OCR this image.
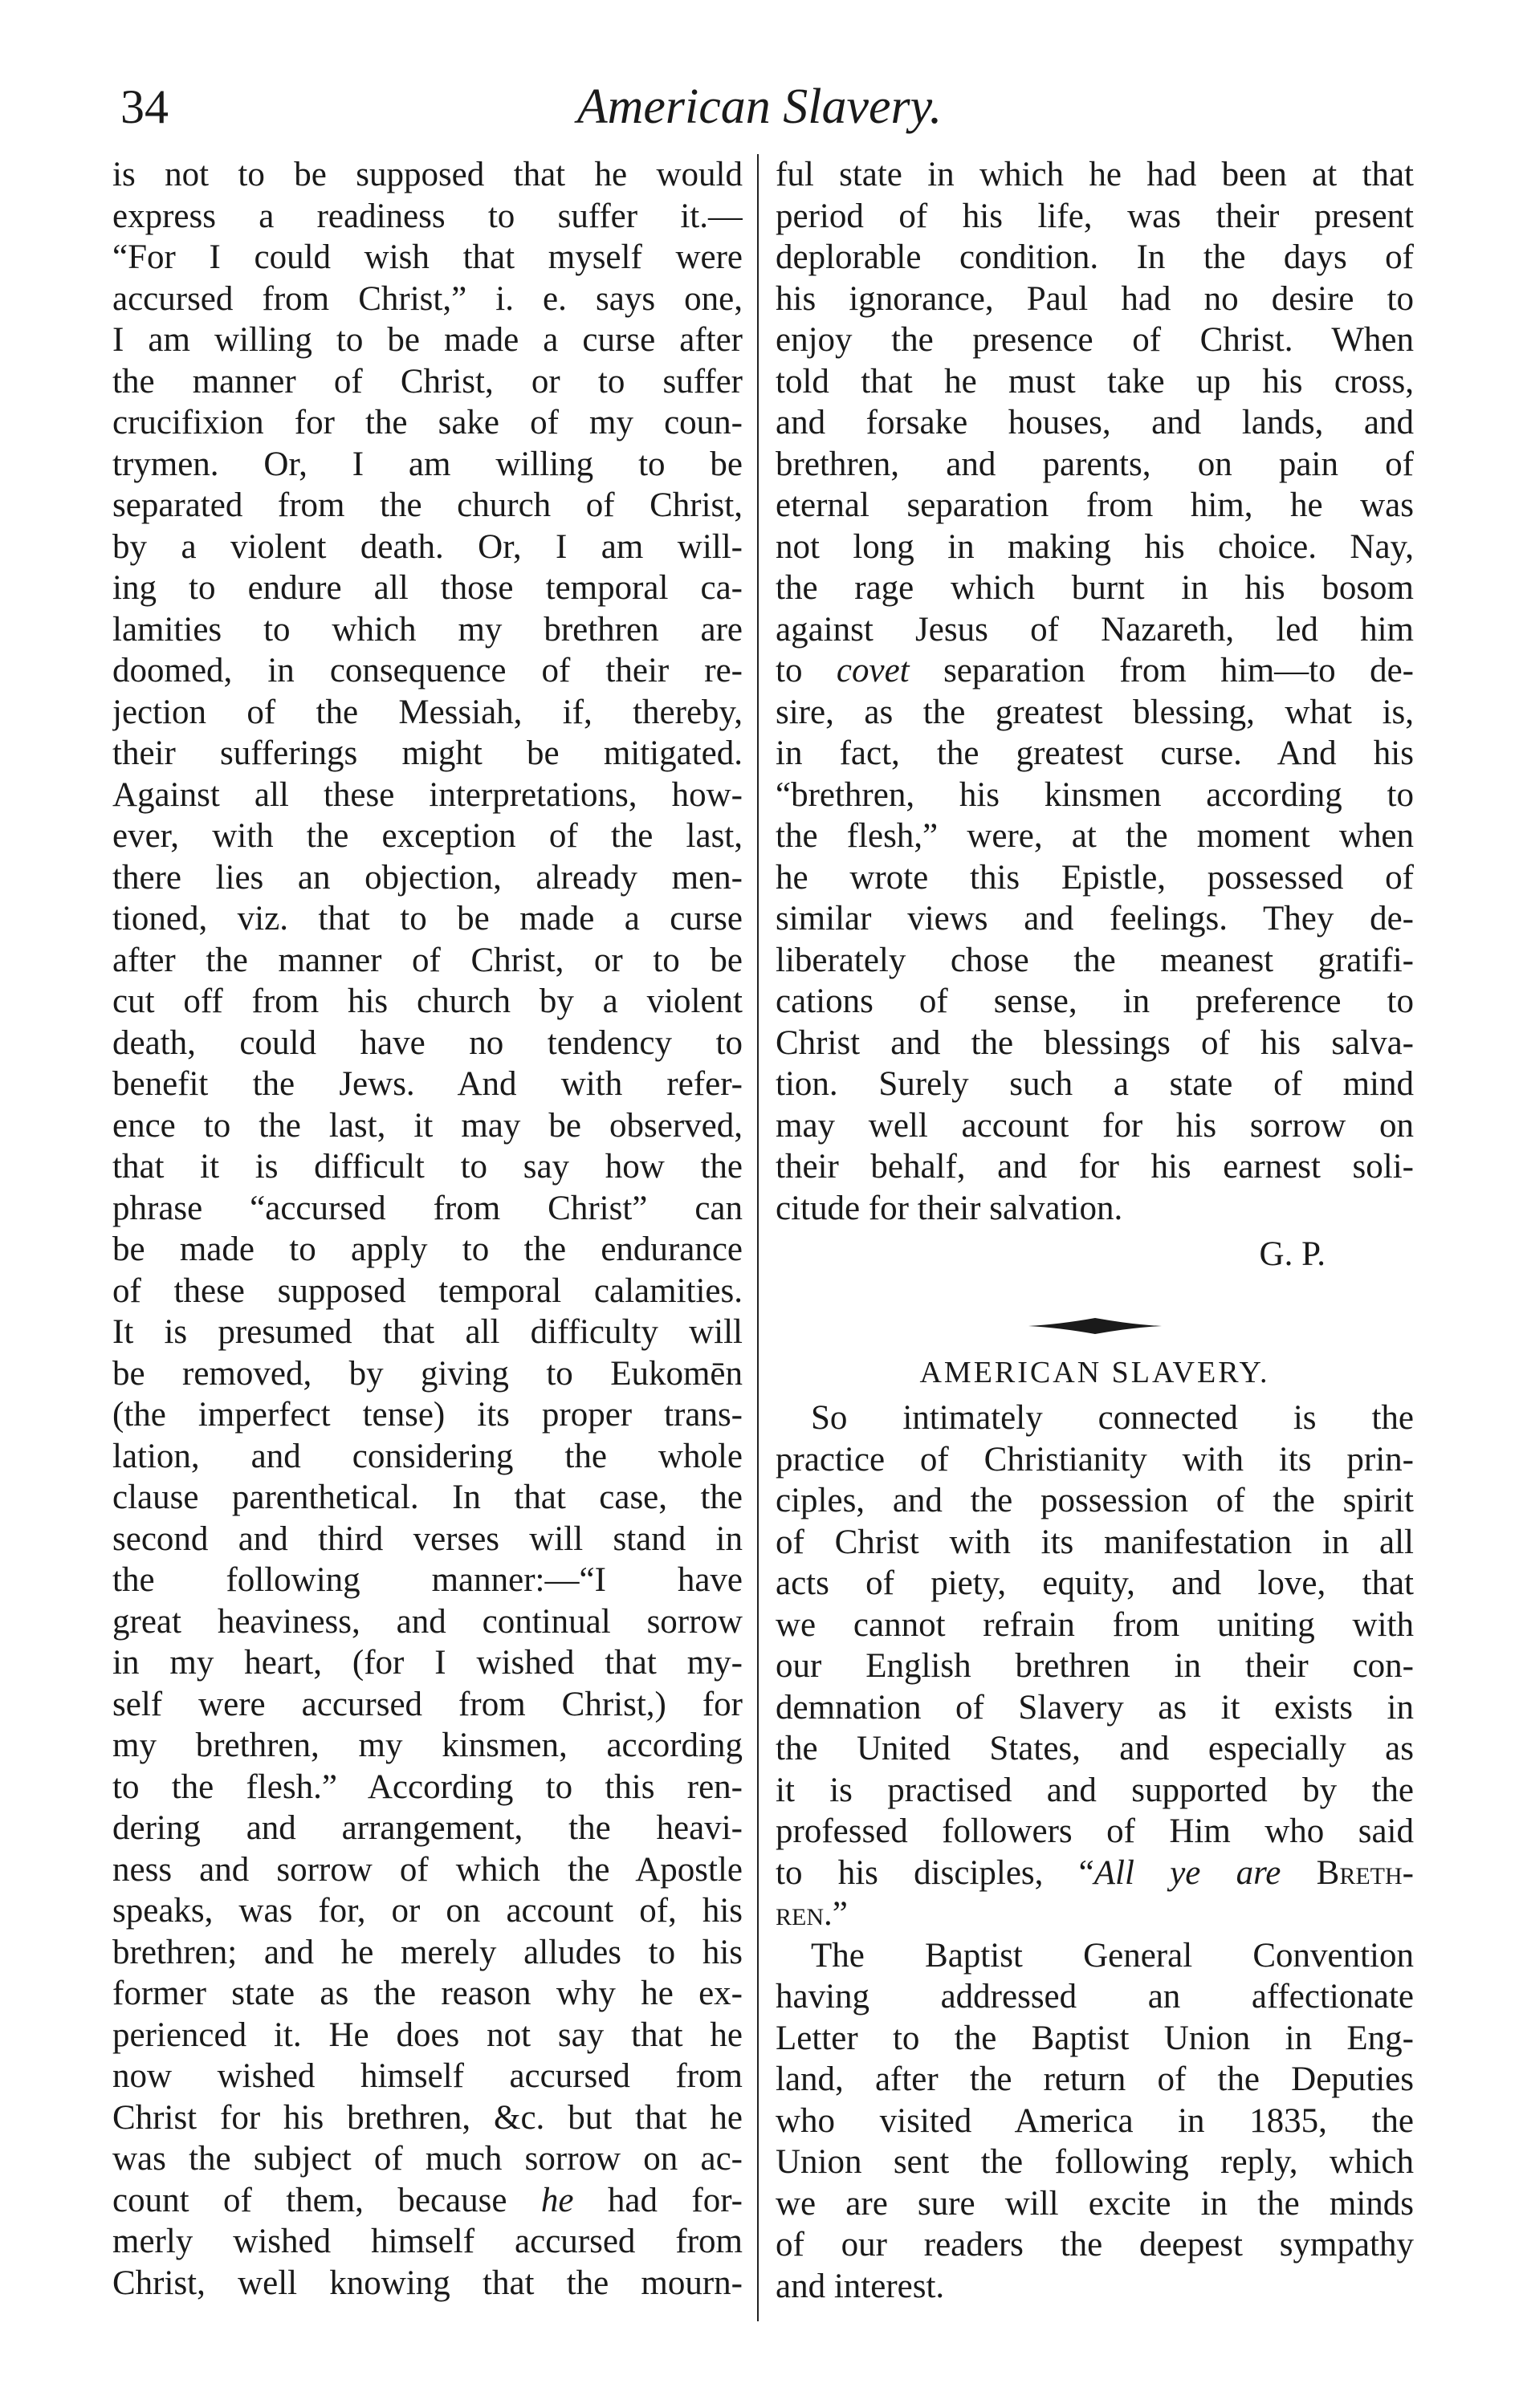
34	American Slavery.
is not to be supposed that he would
express a readiness to suffer it.—
“For I could wish that myself were
accursed from Christ,” i. e. says one,
I am willing to be made a curse after
the manner of Christ, or to suffer
crucifixion for the sake of my coun-
trymen. Or, I am willing to be
separated from the church of Christ,
by a violent death. Or, I am will-
ing to endure all those temporal ca-
lamities to which my brethren are
doomed, in consequence of their re-
jection of the Messiah, if, thereby,
their sufferings might be mitigated.
Against all these interpretations, how-
ever, with the exception of the last,
there lies an objection, already men-
tioned, viz. that to be made a curse
after the manner of Christ, or to be
cut off from his church by a violent
death, could have no tendency to
benefit the Jews. And with refer-
ence to the last, it may be observed,
that it is difficult to say how the
phrase “accursed from Christ” can
be made to apply to the endurance
of these supposed temporal calamities.
It is presumed that all difficulty will
be removed, by giving to Eukomēn
(the imperfect tense) its proper trans-
lation, and considering the whole
clause parenthetical. In that case, the
second and third verses will stand in
the following manner:—“I have
great heaviness, and continual sorrow
in my heart, (for I wished that my-
self were accursed from Christ,) for
my brethren, my kinsmen, according
to the flesh.” According to this ren-
dering and arrangement, the heavi-
ness and sorrow of which the Apostle
speaks, was for, or on account of, his
brethren; and he merely alludes to his
former state as the reason why he ex-
perienced it. He does not say that he
now wished himself accursed from
Christ for his brethren, &c. but that he
was the subject of much sorrow on ac-
count of them, because he had for-
merly wished himself accursed from
Christ, well knowing that the mourn-
ful state in which he had been at that
period of his life, was their present
deplorable condition. In the days of
his ignorance, Paul had no desire to
enjoy the presence of Christ. When
told that he must take up his cross,
and forsake houses, and lands, and
brethren, and parents, on pain of
eternal separation from him, he was
not long in making his choice. Nay,
the rage which burnt in his bosom
against Jesus of Nazareth, led him
to covet separation from him—to de-
sire, as the greatest blessing, what is,
in fact, the greatest curse. And his
“brethren, his kinsmen according to
the flesh,” were, at the moment when
he wrote this Epistle, possessed of
similar views and feelings. They de-
liberately chose the meanest gratifi-
cations of sense, in preference to
Christ and the blessings of his salva-
tion. Surely such a state of mind
may well account for his sorrow on
their behalf, and for his earnest soli-
citude for their salvation.
G. P.
AMERICAN SLAVERY.
So intimately connected is the
practice of Christianity with its prin-
ciples, and the possession of the spirit
of Christ with its manifestation in all
acts of piety, equity, and love, that
we cannot refrain from uniting with
our English brethren in their con-
demnation of Slavery as it exists in
the United States, and especially as
it is practised and supported by the
professed followers of Him who said
to his disciples, “All ye are Breth-
ren.”
The Baptist General Convention
having addressed an affectionate
Letter to the Baptist Union in Eng-
land, after the return of the Deputies
who visited America in 1835, the
Union sent the following reply, which
we are sure will excite in the minds
of our readers the deepest sympathy
and interest.
